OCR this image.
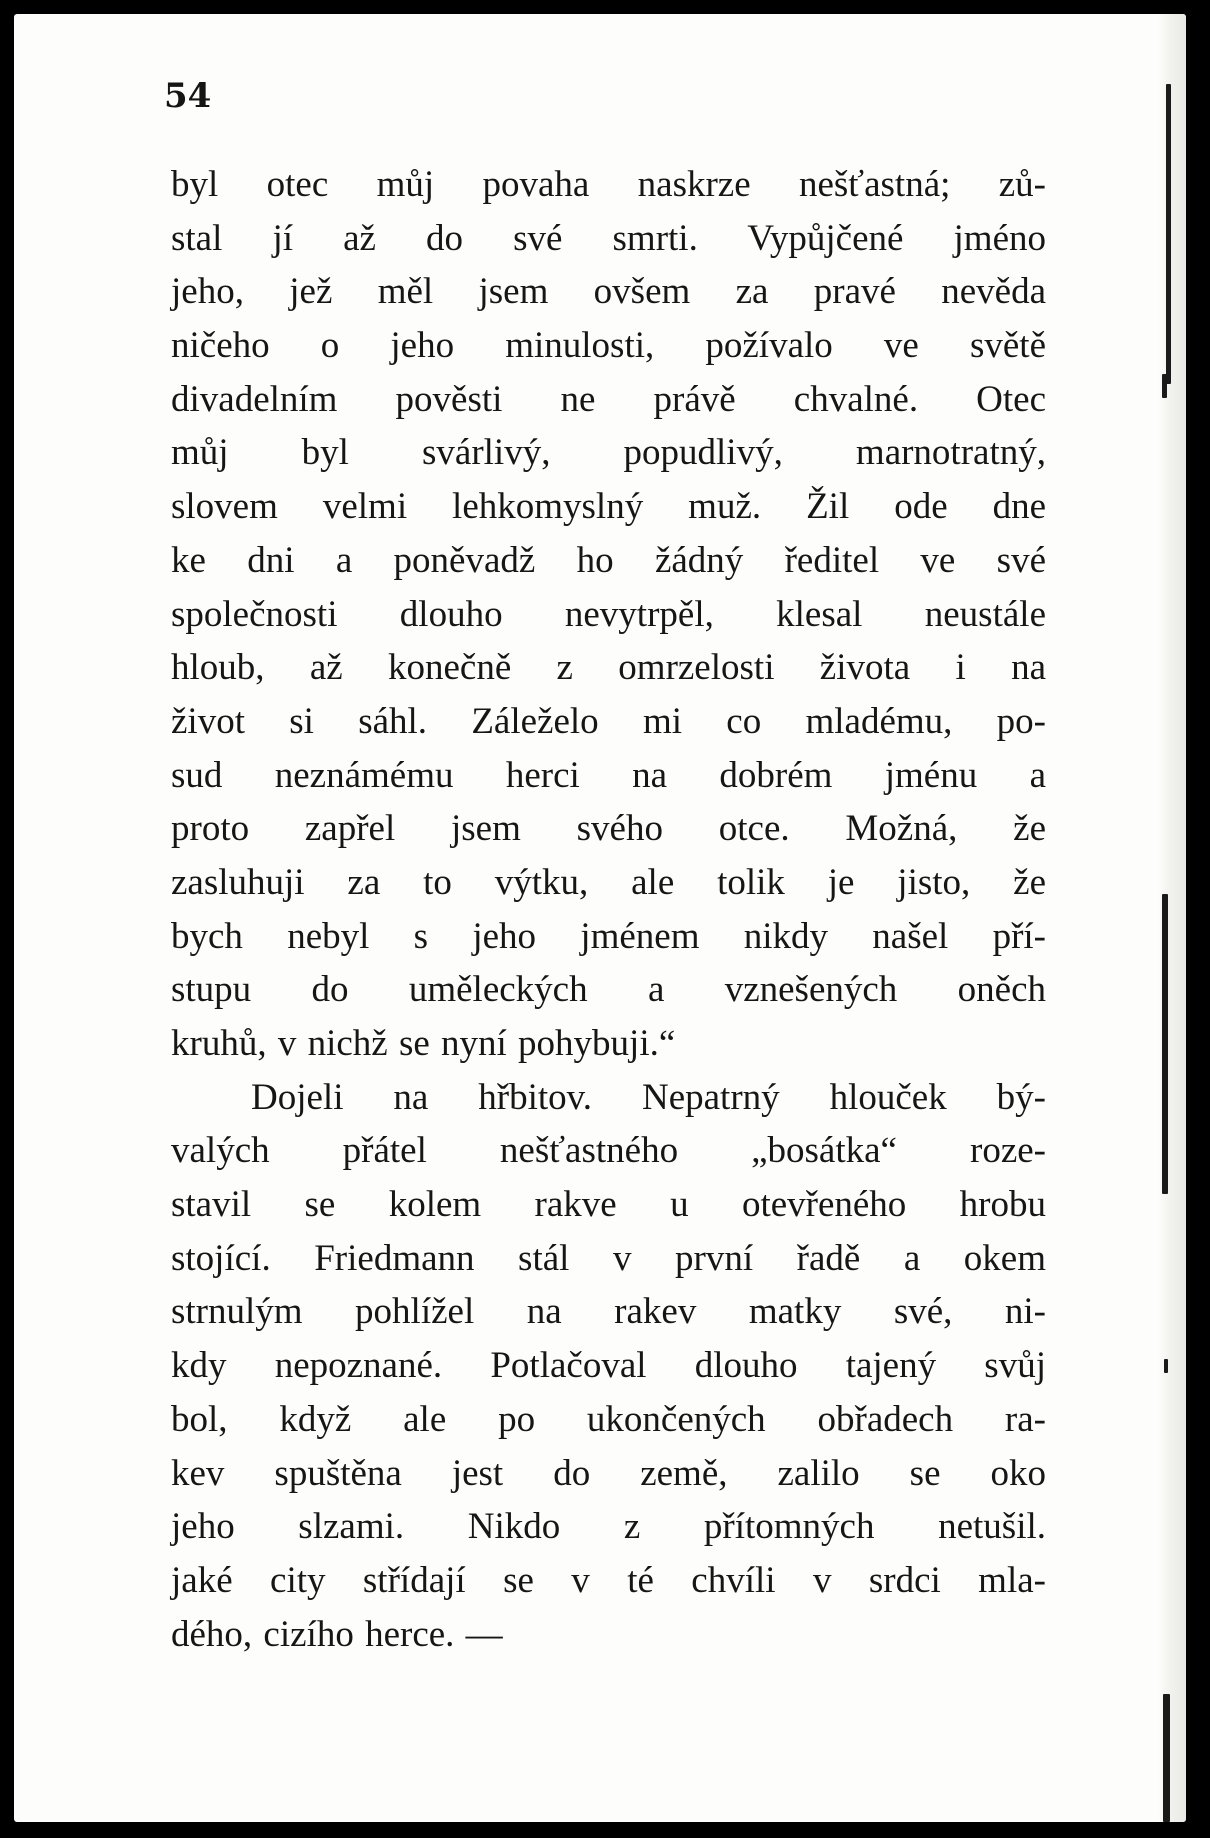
54
byl otec můj povaha naskrze nešťastná; zů-
stal jí až do své smrti. Vypůjčené jméno
jeho, jež měl jsem ovšem za pravé nevěda
ničeho o jeho minulosti, požívalo ve světě
divadelním pověsti ne právě chvalné. Otec
můj byl svárlivý, popudlivý, marnotratný,
slovem velmi lehkomyslný muž. Žil ode dne
ke dni a poněvadž ho žádný ředitel ve své
společnosti dlouho nevytrpěl, klesal neustále
hloub, až konečně z omrzelosti života i na
život si sáhl. Záleželo mi co mladému, po-
sud neznámému herci na dobrém jménu a
proto zapřel jsem svého otce. Možná, že
zasluhuji za to výtku, ale tolik je jisto, že
bych nebyl s jeho jménem nikdy našel pří-
stupu do uměleckých a vznešených oněch
kruhů, v nichž se nyní pohybuji.“
Dojeli na hřbitov. Nepatrný hlouček bý-
valých přátel nešťastného „bosátka“ roze-
stavil se kolem rakve u otevřeného hrobu
stojící. Friedmann stál v první řadě a okem
strnulým pohlížel na rakev matky své, ni-
kdy nepoznané. Potlačoval dlouho tajený svůj
bol, když ale po ukončených obřadech ra-
kev spuštěna jest do země, zalilo se oko
jeho slzami. Nikdo z přítomných netušil.
jaké city střídají se v té chvíli v srdci mla-
dého, cizího herce. —
